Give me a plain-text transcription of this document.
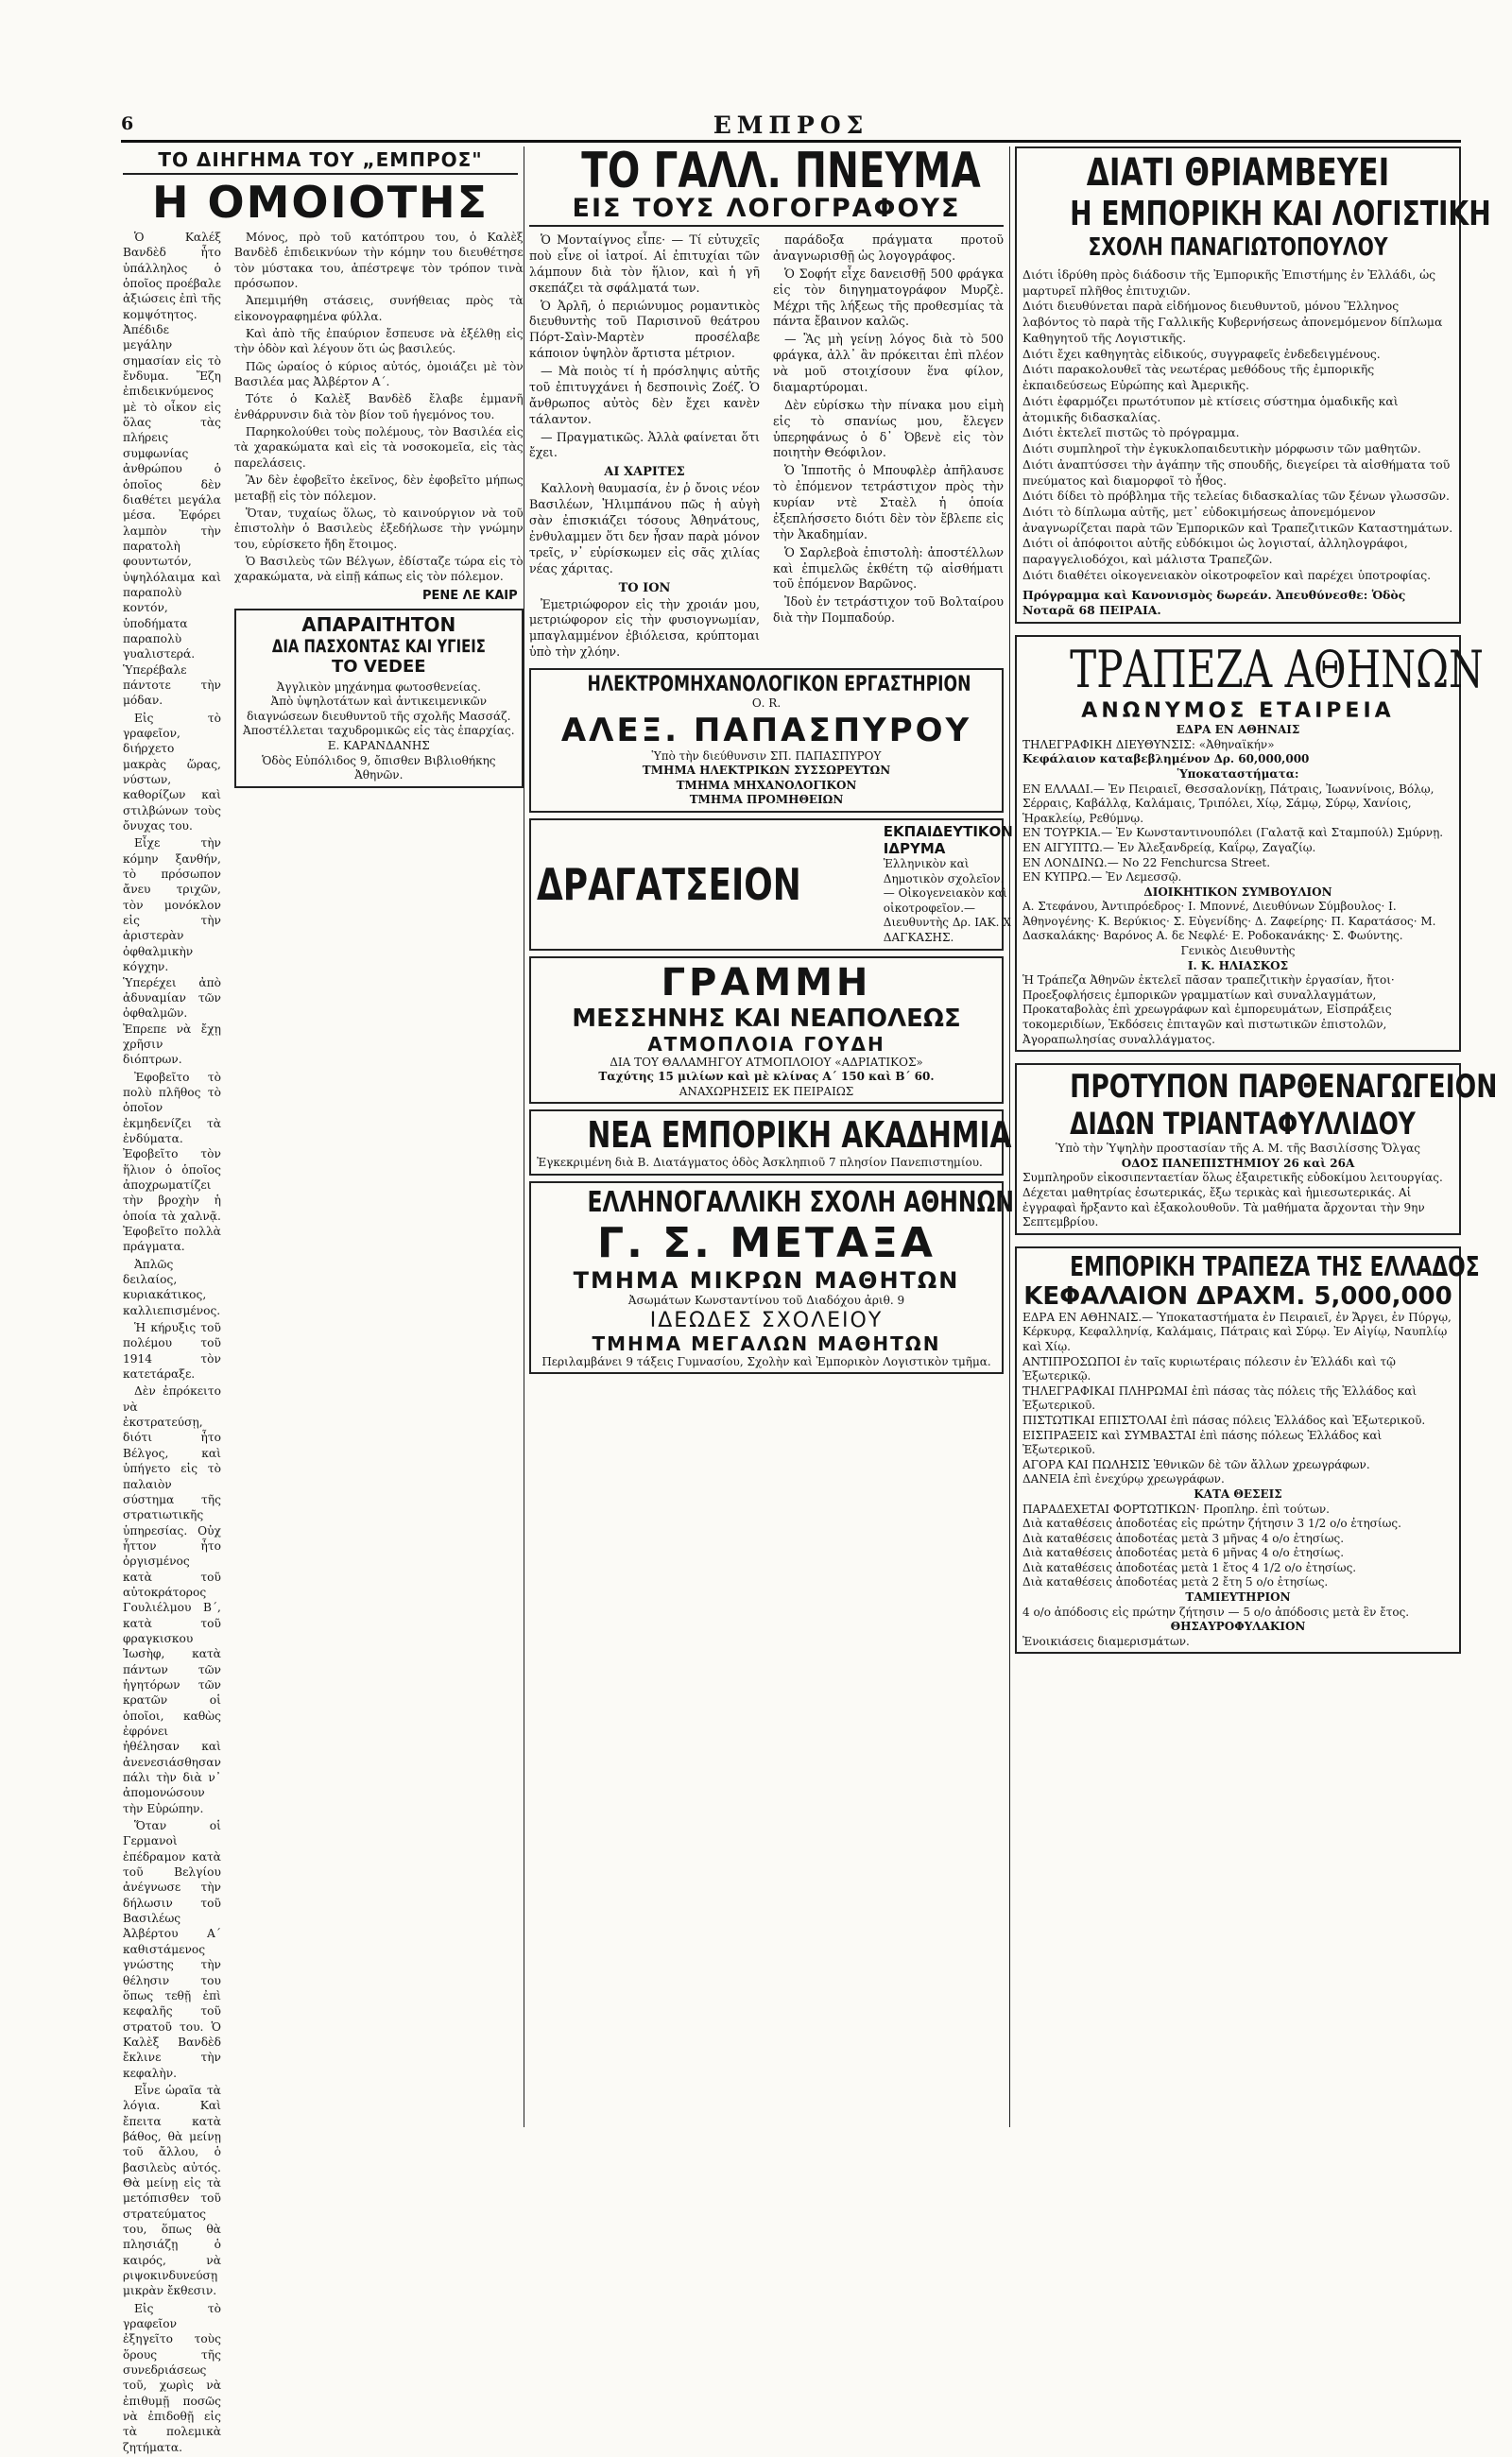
6	ΕΜΠΡΟΣ
ΤΟ ΔΙΗΓΗΜΑ ΤΟΥ „ΕΜΠΡΟΣ"
Η ΟΜΟΙΟΤΗΣ

Ὁ Καλέξ Βανδὲδ ἦτο ὑπάλληλος ὁ ὁποῖος προέβαλε ἀξιώσεις ἐπὶ τῆς κομψότητος. Ἀπέδιδε μεγάλην σημασίαν εἰς τὸ ἔνδυμα. Ἔζη ἐπιδεικνύμενος μὲ τὸ οἶκον εἰς ὅλας τὰς πλήρεις συμφωνίας ἀνθρώπου ὁ ὁποῖος δὲν διαθέτει μεγάλα μέσα. Ἐφόρει λαμπὸν τὴν παρατολὴ φουντωτόν, ὑψηλόλαιμα καὶ παραπολὺ κοντόν, ὑποδήματα παραπολὺ γυαλιστερά. Ὑπερέβαλε πάντοτε τὴν μόδαν.

Εἰς τὸ γραφεῖον, διήρχετο μακρὰς ὥρας, νύστων, καθορίζων καὶ στιλβώνων τοὺς ὄνυχας του.

Εἶχε τὴν κόμην ξανθήν, τὸ πρόσωπον ἄνευ τριχῶν, τὸν μονόκλον εἰς τὴν ἀριστερὰν ὀφθαλμικὴν κόγχην. Ὑπερέχει ἀπὸ ἀδυναμίαν τῶν ὀφθαλμῶν. Ἐπρεπε νὰ ἔχῃ χρῆσιν διόπτρων.

Ἐφοβεῖτο τὸ πολὺ πλῆθος τὸ ὁποῖον ἐκμηδενίζει τὰ ἐνδύματα. Ἐφοβεῖτο τὸν ἥλιον ὁ ὁποῖος ἀποχρωματίζει τὴν βροχὴν ἡ ὁποία τὰ χαλνᾷ. Ἐφοβεῖτο πολλὰ πράγματα.

Ἀπλῶς δειλαίος, κυριακάτικος, καλλιεπισμένος.

Ἡ κήρυξις τοῦ πολέμου τοῦ 1914 τὸν κατετάραξε.

Δὲν ἐπρόκειτο νὰ ἐκστρατεύσῃ, διότι ἦτο Βέλγος, καὶ ὑπήγετο εἰς τὸ παλαιὸν σύστημα τῆς στρατιωτικῆς ὑπηρεσίας. Οὐχ ἧττον ἦτο ὀργισμένος κατὰ τοῦ αὐτοκράτορος Γουλιέλμου Β΄, κατὰ τοῦ φραγκισκου Ἰωσὴφ, κατὰ πάντων τῶν ἡγητόρων τῶν κρατῶν οἱ ὁποῖοι, καθὼς ἐφρόνει ἠθέλησαν καὶ ἀνενεσιάσθησαν πάλι τὴν διὰ ν᾽ ἀπομονώσουν τὴν Εὐρώπην.

Ὅταν οἱ Γερμανοὶ ἐπέδραμον κατὰ τοῦ Βελγίου ἀνέγνωσε τὴν δήλωσιν τοῦ Βασιλέως Ἀλβέρτου Α΄ καθιστάμενος γνώστης τὴν θέλησιν του ὅπως τεθῇ ἐπὶ κεφαλῆς τοῦ στρατοῦ του. Ὁ Καλὲξ Βανδὲδ ἔκλινε τὴν κεφαλὴν.

Εἶνε ὡραῖα τὰ λόγια. Καὶ ἔπειτα κατὰ βάθος, θὰ μείνῃ τοῦ ἄλλου, ὁ βασιλεὺς αὐτός. Θὰ μείνῃ εἰς τὰ μετόπισθεν τοῦ στρατεύματος του, ὅπως θὰ πλησιάζῃ ὁ καιρός, νὰ ριψοκινδυνεύσῃ μικρὰν ἔκθεσιν.

Εἰς τὸ γραφεῖον ἐξηγεῖτο τοὺς ὅρους τῆς συνεδριάσεως τοῦ, χωρὶς νὰ ἐπιθυμῇ ποσῶς νὰ ἐπιδοθῇ εἰς τὰ πολεμικὰ ζητήματα.

Μόνος, πρὸ τοῦ κατόπτρου του, ὁ Καλὲξ Βανδὲδ ἐπιδεικνύων τὴν κόμην του διευθέτησε τὸν μύστακα του, ἀπέστρεψε τὸν τρόπον τινὰ πρόσωπον.

Ἀπεμιμήθη στάσεις, συνήθειας πρὸς τὰ εἰκονογραφημένα φύλλα.

Καὶ ἀπὸ τῆς ἐπαύριον ἔσπευσε νὰ ἐξέλθῃ εἰς τὴν ὁδὸν καὶ λέγουν ὅτι ὡς βασιλεύς.

Πῶς ὡραίος ὁ κύριος αὐτός, ὁμοιάζει μὲ τὸν Βασιλέα μας Ἀλβέρτον Α΄.

Τότε ὁ Καλὲξ Βανδὲδ ἔλαβε ἐμμανῆ ἐνθάρρυνσιν διὰ τὸν βίον τοῦ ἡγεμόνος του.

Παρηκολούθει τοὺς πολέμους, τὸν Βασιλέα εἰς τὰ χαρακώματα καὶ εἰς τὰ νοσοκομεῖα, εἰς τὰς παρελάσεις.

Ἂν δὲν ἐφοβεῖτο ἐκεῖνος, δὲν ἐφοβεῖτο μήπως μεταβῇ εἰς τὸν πόλεμον.

Ὅταν, τυχαίως ὅλως, τὸ καινούργιον νὰ τοῦ ἐπιστολὴν ὁ Βασιλεὺς ἐξεδήλωσε τὴν γνώμην του, εὑρίσκετο ἤδη ἕτοιμος.

Ὁ Βασιλεὺς τῶν Βέλγων, ἐδίσταζε τώρα εἰς τὸ χαρακώματα, νὰ εἰπῇ κάπως εἰς τὸν πόλεμον.

ΡΕΝΕ ΛΕ ΚΑΙΡ
ΑΠΑΡΑΙΤΗΤΟΝ
ΔΙΑ ΠΑΣΧΟΝΤΑΣ ΚΑΙ ΥΓΙΕΙΣ
ΤΟ VEDEE

Ἀγγλικὸν μηχάνημα φωτοσθενείας.

Ἀπὸ ὑψηλοτάτων καὶ ἀντικειμενικῶν διαγνώσεων διευθυντοῦ τῆς σχολῆς Μασσάζ.

Ἀποστέλλεται ταχυδρομικῶς εἰς τὰς ἐπαρχίας.

Ε. ΚΑΡΑΝΔΑΝΗΣ

Ὁδὸς Εὐπόλιδος 9, ὄπισθεν Βιβλιοθήκης Ἀθηνῶν.

ΤΟ ΓΑΛΛ. ΠΝΕΥΜΑ
ΕΙΣ ΤΟΥΣ ΛΟΓΟΓΡΑΦΟΥΣ

Ὁ Μονταίγνος εἶπε· — Τί εὐτυχεῖς ποὺ εἶνε οἱ ἰατροί. Αἱ ἐπιτυχίαι τῶν λάμπουν διὰ τὸν ἥλιον, καὶ ἡ γῆ σκεπάζει τὰ σφάλματά των.

Ὁ Ἀρλῆ, ὁ περιώνυμος ρομαντικὸς διευθυντὴς τοῦ Παρισινοῦ θεάτρου Πόρτ-Σαὶν-Μαρτὲν προσέλαβε κάποιον ὑψηλὸν ἄρτιστα μέτριον.

— Μὰ ποιὸς τί ἡ πρόσληψις αὐτῆς τοῦ ἐπιτυγχάνει ἡ δεσποινὶς Ζοέζ. Ὁ ἄνθρωπος αὐτὸς δὲν ἔχει κανὲν τάλαντον.

— Πραγματικῶς. Ἀλλὰ φαίνεται ὅτι ἔχει.

ΑΙ ΧΑΡΙΤΕΣ

Καλλονὴ θαυμασία, ἐν ῥ ὄνοις νέον Βασιλέων, Ἠλιμπάνου πῶς ἡ αὐγὴ σὰν ἐπισκιάζει τόσους Ἀθηνάτους, ἐνθυλαμμεν ὅτι δεν ἦσαν παρὰ μόνον τρεῖς, ν᾽ εὑρίσκωμεν εἰς σᾶς χιλίας νέας χάριτας.

ΤΟ ΙΟΝ

Ἐμετριώφορον εἰς τὴν χροιάν μου, μετριώφορον εἰς τὴν φυσιογνωμίαν, μπαγλαμμένον ἐβιόλεισα, κρύπτομαι ὑπὸ τὴν χλόην.

παράδοξα πράγματα προτοῦ ἀναγνωρισθῇ ὡς λογογράφος.

Ὁ Σοφήτ εἶχε δανεισθῇ 500 φράγκα εἰς τὸν διηγηματογράφον Μυρζὲ. Μέχρι τῆς λήξεως τῆς προθεσμίας τὰ πάντα ἔβαινον καλῶς.

— Ἂς μὴ γείνῃ λόγος διὰ τὸ 500 φράγκα, ἀλλ᾽ ἂν πρόκειται ἐπὶ πλέον νὰ μοῦ στοιχίσουν ἕνα φίλον, διαμαρτύρομαι.

Δὲν εὑρίσκω τὴν πίνακα μου εἰμὴ εἰς τὸ σπανίως μου, ἔλεγεν ὑπερηφάνως ὁ δ᾽ Ὀβενὲ εἰς τὸν ποιητὴν Θεόφιλον.

Ὁ Ἰπποτῆς ὁ Μπουφλὲρ ἀπῆλαυσε τὸ ἐπόμενον τετράστιχον πρὸς τὴν κυρίαν ντὲ Σταὲλ ἡ ὁποία ἐξεπλήσσετο διότι δὲν τὸν ἔβλεπε εἰς τὴν Ἀκαδημίαν.

Ὁ Σαρλεβοὰ ἐπιστολὴ: ἀποστέλλων καὶ ἐπιμελῶς ἐκθέτη τῷ αἰσθήματι τοῦ ἐπόμενον Βαρῶνος.

Ἰδοὺ ἐν τετράστιχον τοῦ Βολταίρου διὰ τὴν Πομπαδούρ.

ΗΛΕΚΤΡΟΜΗΧΑΝΟΛΟΓΙΚΟΝ ΕΡΓΑΣΤΗΡΙΟΝ
Ο. R.
ΑΛΕΞ. ΠΑΠΑΣΠΥΡΟΥ

Ὑπὸ τὴν διεύθυνσιν ΣΠ. ΠΑΠΑΣΠΥΡΟΥ

ΤΜΗΜΑ ΗΛΕΚΤΡΙΚΩΝ ΣΥΣΣΩΡΕΥΤΩΝ

ΤΜΗΜΑ ΜΗΧΑΝΟΛΟΓΙΚΟΝ

ΤΜΗΜΑ ΠΡΟΜΗΘΕΙΩΝ

ΔΡΑΓΑΤΣΕΙΟΝ
ΕΚΠΑΙΔΕΥΤΙΚΟΝ ΙΔΡΥΜΑ

Ἑλληνικὸν καὶ Δημοτικὸν σχολεῖον.— Οἰκογενειακὸν καὶ οἰκοτροφεῖον.— Διευθυντὴς Δρ. ΙΑΚ. Χ ΔΑΓΚΑΣΗΣ.

ΓΡΑΜΜΗ
ΜΕΣΣΗΝΗΣ ΚΑΙ ΝΕΑΠΟΛΕΩΣ
ΑΤΜΟΠΛΟΙΑ ΓΟΥΔΗ

ΔΙΑ ΤΟΥ ΘΑΛΑΜΗΓΟΥ ΑΤΜΟΠΛΟΙΟΥ «ΑΔΡΙΑΤΙΚΟΣ»

Ταχύτης 15 μιλίων καὶ μὲ κλίνας Α΄ 150 καὶ Β΄ 60.

ΑΝΑΧΩΡΗΣΕΙΣ ΕΚ ΠΕΙΡΑΙΩΣ

ΝΕΑ ΕΜΠΟΡΙΚΗ ΑΚΑΔΗΜΙΑ

Ἐγκεκριμένη διὰ Β. Διατάγματος ὁδὸς Ἀσκληπιοῦ 7 πλησίον Πανεπιστημίου.

ΕΛΛΗΝΟΓΑΛΛΙΚΗ ΣΧΟΛΗ ΑΘΗΝΩΝ
Γ. Σ. ΜΕΤΑΞΑ
ΤΜΗΜΑ ΜΙΚΡΩΝ ΜΑΘΗΤΩΝ

Ἀσωμάτων Κωνσταντίνου τοῦ Διαδόχου ἀριθ. 9

ΙΔΕΩΔΕΣ ΣΧΟΛΕΙΟΥ
ΤΜΗΜΑ ΜΕΓΑΛΩΝ ΜΑΘΗΤΩΝ

Περιλαμβάνει 9 τάξεις Γυμνασίου, Σχολὴν καὶ Ἐμπορικὸν Λογιστικὸν τμῆμα.

ΔΙΑΤΙ ΘΡΙΑΜΒΕΥΕΙ
Η ΕΜΠΟΡΙΚΗ ΚΑΙ ΛΟΓΙΣΤΙΚΗ
ΣΧΟΛΗ ΠΑΝΑΓΙΩΤΟΠΟΥΛΟΥ

Διότι ἱδρύθη πρὸς διάδοσιν τῆς Ἐμπορικῆς Ἐπιστήμης ἐν Ἑλλάδι, ὡς μαρτυρεῖ πλῆθος ἐπιτυχιῶν.

Διότι διευθύνεται παρὰ εἰδήμονος διευθυντοῦ, μόνου Ἕλληνος λαβόντος τὸ παρὰ τῆς Γαλλικῆς Κυβερνήσεως ἀπονεμόμενον δίπλωμα Καθηγητοῦ τῆς Λογιστικῆς.

Διότι ἔχει καθηγητὰς εἰδικούς, συγγραφεῖς ἐνδεδειγμένους.

Διότι παρακολουθεῖ τὰς νεωτέρας μεθόδους τῆς ἐμπορικῆς ἐκπαιδεύσεως Εὐρώπης καὶ Ἀμερικῆς.

Διότι ἐφαρμόζει πρωτότυπον μὲ κτίσεις σύστημα ὁμαδικῆς καὶ ἀτομικῆς διδασκαλίας.

Διότι ἐκτελεῖ πιστῶς τὸ πρόγραμμα.

Διότι συμπληροῖ τὴν ἐγκυκλοπαιδευτικὴν μόρφωσιν τῶν μαθητῶν.

Διότι ἀναπτύσσει τὴν ἀγάπην τῆς σπουδῆς, διεγείρει τὰ αἰσθήματα τοῦ πνεύματος καὶ διαμορφοῖ τὸ ἦθος.

Διότι δίδει τὸ πρόβλημα τῆς τελείας διδασκαλίας τῶν ξένων γλωσσῶν.

Διότι τὸ δίπλωμα αὐτῆς, μετ᾽ εὐδοκιμήσεως ἀπονεμόμενον ἀναγνωρίζεται παρὰ τῶν Ἐμπορικῶν καὶ Τραπεζιτικῶν Καταστημάτων.

Διότι οἱ ἀπόφοιτοι αὐτῆς εὐδόκιμοι ὡς λογισταί, ἀλληλογράφοι, παραγγελιοδόχοι, καὶ μάλιστα Τραπεζῶν.

Διότι διαθέτει οἰκογενειακὸν οἰκοτροφεῖον καὶ παρέχει ὑποτροφίας.

Πρόγραμμα καὶ Κανονισμὸς δωρεάν. Ἀπευθύνεσθε: Ὁδὸς Νοταρᾶ 68 ΠΕΙΡΑΙΑ.

ΤΡΑΠΕΖΑ ΑΘΗΝΩΝ
ΑΝΩΝΥΜΟΣ ΕΤΑΙΡΕΙΑ
ΕΔΡΑ ΕΝ ΑΘΗΝΑΙΣ

ΤΗΛΕΓΡΑΦΙΚΗ ΔΙΕΥΘΥΝΣΙΣ: «Ἀθηναϊκήν»

Κεφάλαιον καταβεβλημένον Δρ. 60,000,000

Ὑποκαταστήματα:

ΕΝ ΕΛΛΑΔΙ.— Ἐν Πειραιεῖ, Θεσσαλονίκῃ, Πάτραις, Ἰωαννίνοις, Βόλῳ, Σέρραις, Καβάλλᾳ, Καλάμαις, Τριπόλει, Χίῳ, Σάμῳ, Σύρῳ, Χανίοις, Ἡρακλείῳ, Ρεθύμνῳ.

ΕΝ ΤΟΥΡΚΙΑ.— Ἐν Κωνσταντινουπόλει (Γαλατᾷ καὶ Σταμπούλ) Σμύρνῃ.

ΕΝ ΑΙΓΥΠΤΩ.— Ἐν Ἀλεξανδρείᾳ, Καΐρῳ, Ζαγαζίῳ.

ΕΝ ΛΟΝΔΙΝΩ.— Νο 22 Fenchurcsa Street.

ΕΝ ΚΥΠΡΩ.— Ἐν Λεμεσσῷ.

ΔΙΟΙΚΗΤΙΚΟΝ ΣΥΜΒΟΥΛΙΟΝ

Α. Στεφάνου, Ἀντιπρόεδρος· Ι. Μποννέ, Διευθύνων Σύμβουλος· Ι. Ἀθηνογένης· Κ. Βερύκιος· Σ. Εὐγενίδης· Δ. Ζαφείρης· Π. Καρατάσος· Μ. Δασκαλάκης· Βαρόνος Α. δε Νεφλέ· Ε. Ροδοκανάκης· Σ. Φωύντης.

Γενικὸς Διευθυντὴς

Ι. Κ. ΗΛΙΑΣΚΟΣ

Ἡ Τράπεζα Ἀθηνῶν ἐκτελεῖ πᾶσαν τραπεζιτικὴν ἐργασίαν, ἤτοι· Προεξοφλήσεις ἐμπορικῶν γραμματίων καὶ συναλλαγμάτων, Προκαταβολὰς ἐπὶ χρεωγράφων καὶ ἐμπορευμάτων, Εἰσπράξεις τοκομεριδίων, Ἐκδόσεις ἐπιταγῶν καὶ πιστωτικῶν ἐπιστολῶν, Ἀγοραπωλησίας συναλλάγματος.

ΠΡΟΤΥΠΟΝ ΠΑΡΘΕΝΑΓΩΓΕΙΟΝ
ΔΙΔΩΝ ΤΡΙΑΝΤΑΦΥΛΛΙΔΟΥ

Ὑπὸ τὴν Ὑψηλὴν προστασίαν τῆς Α. Μ. τῆς Βασιλίσσης Ὄλγας

ΟΔΟΣ ΠΑΝΕΠΙΣΤΗΜΙΟΥ 26 καὶ 26Α

Συμπληροῦν εἰκοσιπενταετίαν ὅλως ἐξαιρετικῆς εὐδοκίμου λειτουργίας. Δέχεται μαθητρίας ἐσωτερικάς, ἔξω τερικὰς καὶ ἡμιεσωτερικάς. Αἱ ἐγγραφαὶ ἤρξαντο καὶ ἐξακολουθοῦν. Τὰ μαθήματα ἄρχονται τὴν 9ην Σεπτεμβρίου.

ΕΜΠΟΡΙΚΗ ΤΡΑΠΕΖΑ ΤΗΣ ΕΛΛΑΔΟΣ
ΚΕΦΑΛΑΙΟΝ ΔΡΑΧΜ. 5,000,000

ΕΔΡΑ ΕΝ ΑΘΗΝΑΙΣ.— Ὑποκαταστήματα ἐν Πειραιεῖ, ἐν Ἄργει, ἐν Πύργῳ, Κέρκυρᾳ, Κεφαλληνίᾳ, Καλάμαις, Πάτραις καὶ Σύρῳ. Ἐν Αἰγίῳ, Ναυπλίῳ καὶ Χίῳ.

ΑΝΤΙΠΡΟΣΩΠΟΙ ἐν ταῖς κυριωτέραις πόλεσιν ἐν Ἑλλάδι καὶ τῷ Ἐξωτερικῷ.

ΤΗΛΕΓΡΑΦΙΚΑΙ ΠΛΗΡΩΜΑΙ ἐπὶ πάσας τὰς πόλεις τῆς Ἑλλάδος καὶ Ἐξωτερικοῦ.

ΠΙΣΤΩΤΙΚΑΙ ΕΠΙΣΤΟΛΑΙ ἐπὶ πάσας πόλεις Ἑλλάδος καὶ Ἐξωτερικοῦ.

ΕΙΣΠΡΑΞΕΙΣ καὶ ΣΥΜΒΑΣΤΑΙ ἐπὶ πάσης πόλεως Ἑλλάδος καὶ Ἐξωτερικοῦ.

ΑΓΟΡΑ ΚΑΙ ΠΩΛΗΣΙΣ Ἐθνικῶν δὲ τῶν ἄλλων χρεωγράφων.

ΔΑΝΕΙΑ ἐπὶ ἐνεχύρῳ χρεωγράφων.

ΚΑΤΑ ΘΕΣΕΙΣ

ΠΑΡΑΔΕΧΕΤΑΙ ΦΟΡΤΩΤΙΚΩΝ· Προπληρ. ἐπὶ τούτων.

Διὰ καταθέσεις ἀποδοτέας εἰς πρώτην ζήτησιν 3 1/2 ο/ο ἐτησίως.

Διὰ καταθέσεις ἀποδοτέας μετὰ 3 μῆνας 4 ο/ο ἐτησίως.

Διὰ καταθέσεις ἀποδοτέας μετὰ 6 μῆνας 4 ο/ο ἐτησίως.

Διὰ καταθέσεις ἀποδοτέας μετὰ 1 ἔτος 4 1/2 ο/ο ἐτησίως.

Διὰ καταθέσεις ἀποδοτέας μετὰ 2 ἔτη 5 ο/ο ἐτησίως.

ΤΑΜΙΕΥΤΗΡΙΟΝ

4 ο/ο ἀπόδοσις εἰς πρώτην ζήτησιν — 5 ο/ο ἀπόδοσις μετὰ ἓν ἔτος.

ΘΗΣΑΥΡΟΦΥΛΑΚΙΟΝ

Ἐνοικιάσεις διαμερισμάτων.
